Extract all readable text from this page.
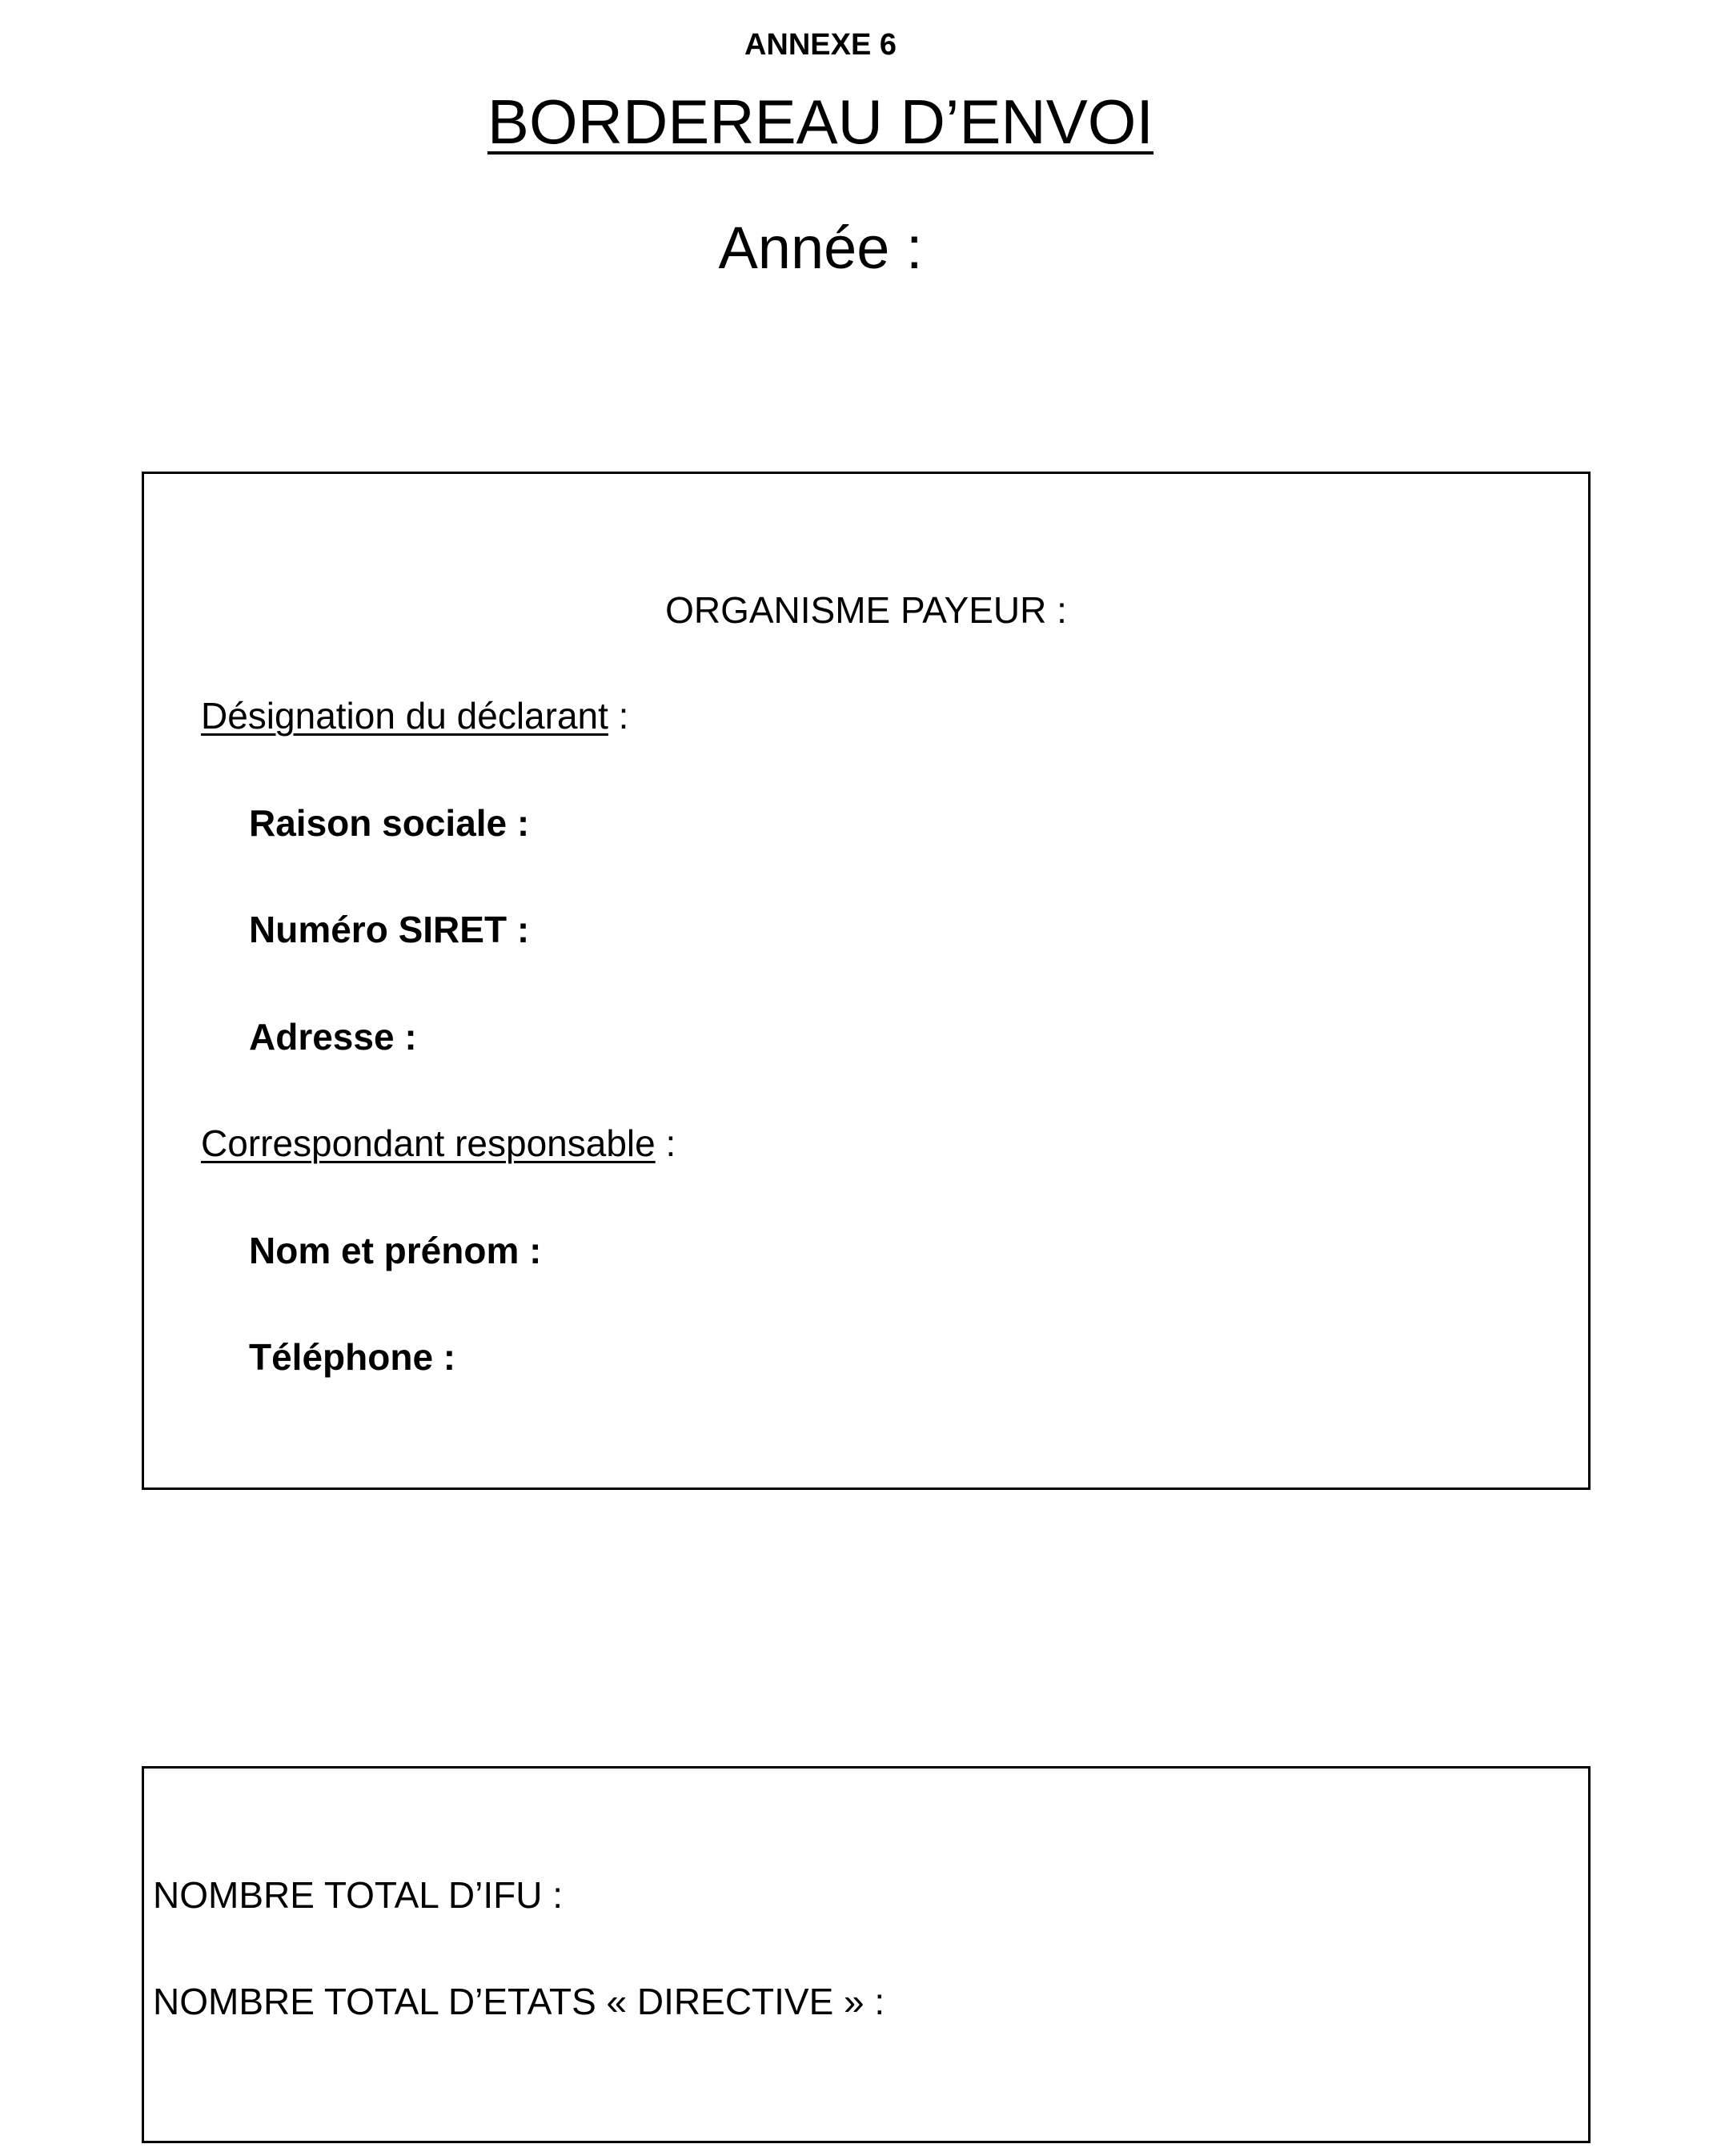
ANNEXE 6
BORDEREAU D’ENVOI
Année :
ORGANISME PAYEUR :
Désignation du déclarant :
Raison sociale :
Numéro SIRET :
Adresse :
Correspondant responsable :
Nom et prénom :
Téléphone :
NOMBRE TOTAL D’IFU :
NOMBRE TOTAL D’ETATS « DIRECTIVE » :
